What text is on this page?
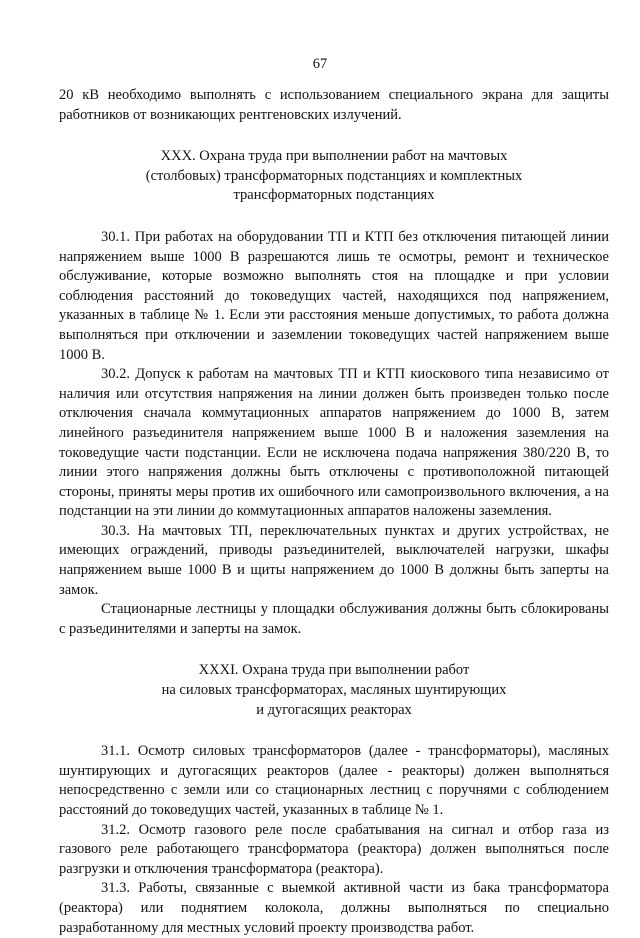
67

20 кВ необходимо выполнять с использованием специального экрана для защиты работников от возникающих рентгеновских излучений.

XXX. Охрана труда при выполнении работ на мачтовых
(столбовых) трансформаторных подстанциях и комплектных
трансформаторных подстанциях

30.1. При работах на оборудовании ТП и КТП без отключения питающей линии напряжением выше 1000 В разрешаются лишь те осмотры, ремонт и техническое обслуживание, которые возможно выполнять стоя на площадке и при условии соблюдения расстояний до токоведущих частей, находящихся под напряжением, указанных в таблице № 1. Если эти расстояния меньше допустимых, то работа должна выполняться при отключении и заземлении токоведущих частей напряжением выше 1000 В.

30.2. Допуск к работам на мачтовых ТП и КТП киоскового типа независимо от наличия или отсутствия напряжения на линии должен быть произведен только после отключения сначала коммутационных аппаратов напряжением до 1000 В, затем линейного разъединителя напряжением выше 1000 В и наложения заземления на токоведущие части подстанции. Если не исключена подача напряжения 380/220 В, то линии этого напряжения должны быть отключены с противоположной питающей стороны, приняты меры против их ошибочного или самопроизвольного включения, а на подстанции на эти линии до коммутационных аппаратов наложены заземления.

30.3. На мачтовых ТП, переключательных пунктах и других устройствах, не имеющих ограждений, приводы разъединителей, выключателей нагрузки, шкафы напряжением выше 1000 В и щиты напряжением до 1000 В должны быть заперты на замок.

Стационарные лестницы у площадки обслуживания должны быть сблокированы с разъединителями и заперты на замок.

XXXI. Охрана труда при выполнении работ
на силовых трансформаторах, масляных шунтирующих
и дугогасящих реакторах

31.1. Осмотр силовых трансформаторов (далее - трансформаторы), масляных шунтирующих и дугогасящих реакторов (далее - реакторы) должен выполняться непосредственно с земли или со стационарных лестниц с поручнями с соблюдением расстояний до токоведущих частей, указанных в таблице № 1.

31.2. Осмотр газового реле после срабатывания на сигнал и отбор газа из газового реле работающего трансформатора (реактора) должен выполняться после разгрузки и отключения трансформатора (реактора).

31.3. Работы, связанные с выемкой активной части из бака трансформатора (реактора) или поднятием колокола, должны выполняться по специально разработанному для местных условий проекту производства работ.
